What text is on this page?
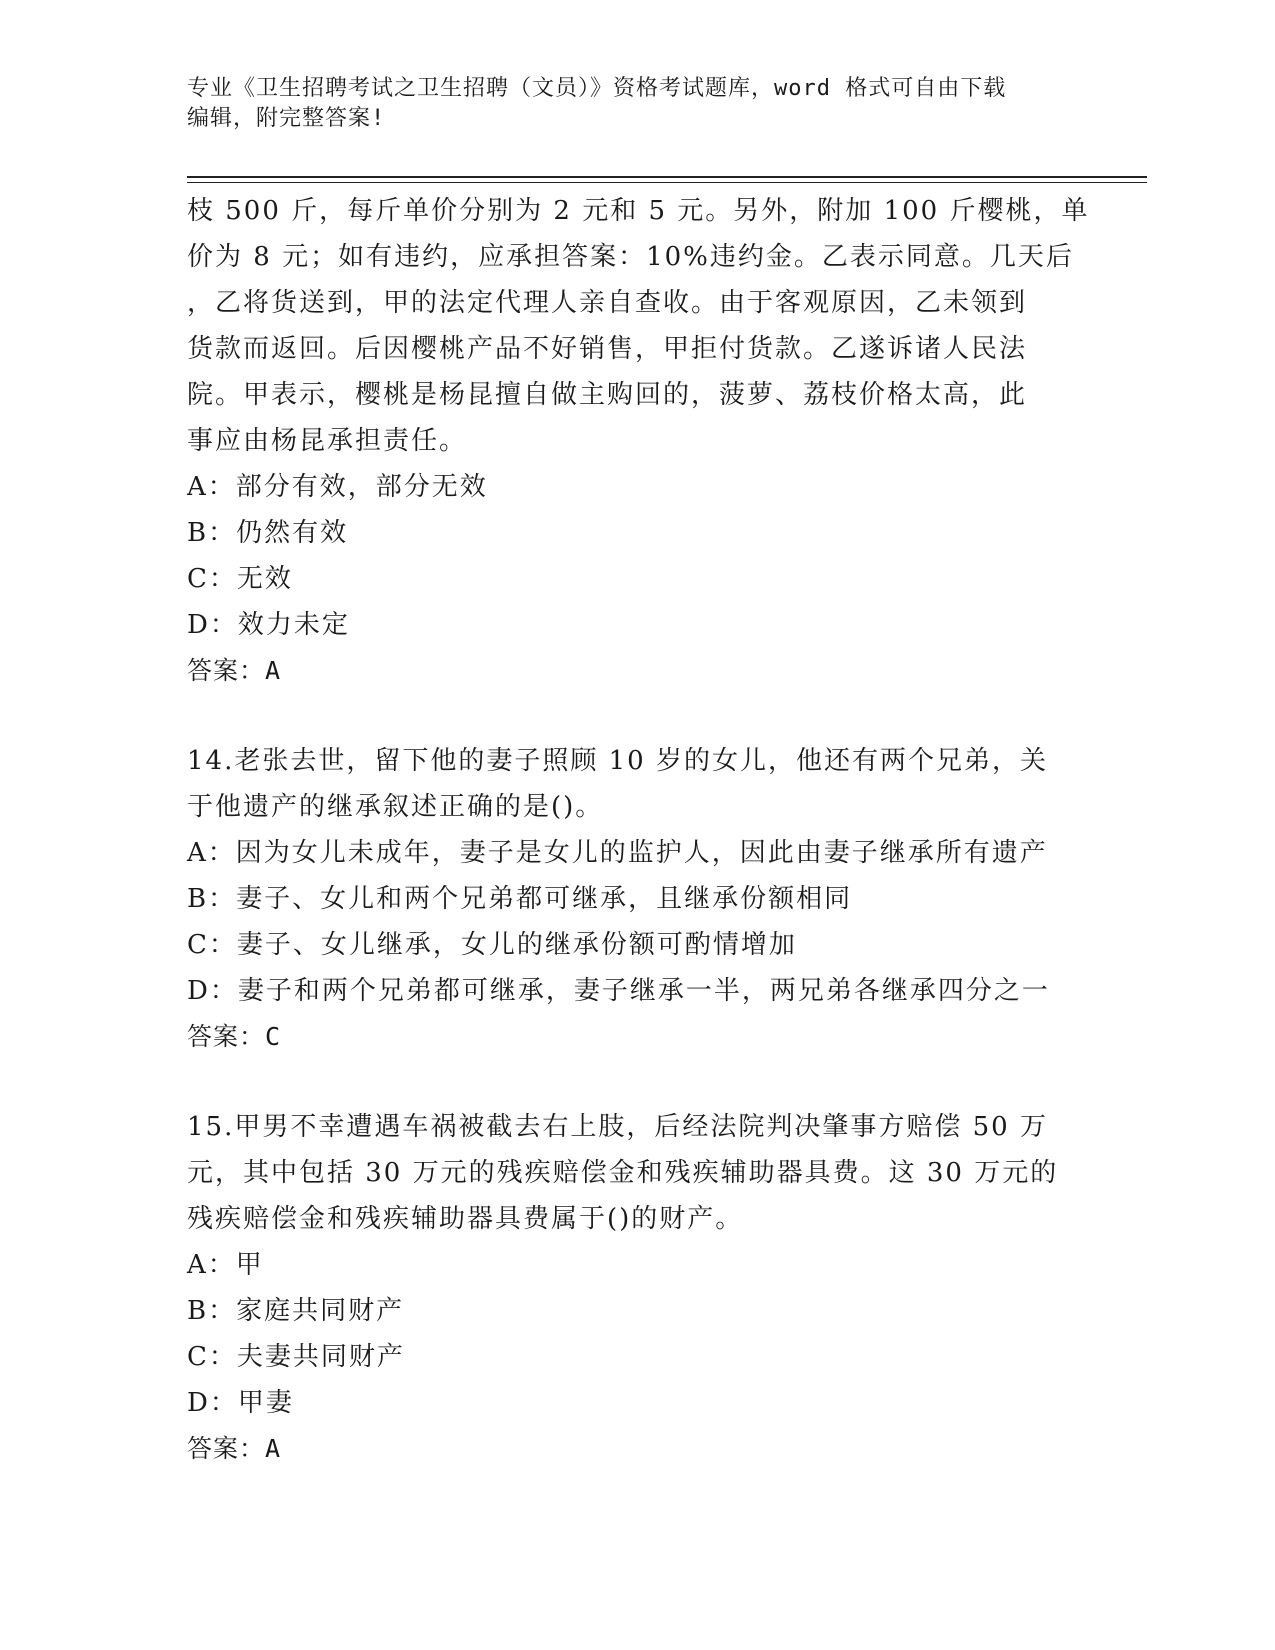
专业《卫生招聘考试之卫生招聘（文员）》资格考试题库，word 格式可自由下载
编辑，附完整答案!
枝 500 斤，每斤单价分别为 2 元和 5 元。另外，附加 100 斤樱桃，单
价为 8 元；如有违约，应承担答案：10%违约金。乙表示同意。几天后
，乙将货送到，甲的法定代理人亲自查收。由于客观原因，乙未领到
货款而返回。后因樱桃产品不好销售，甲拒付货款。乙遂诉诸人民法
院。甲表示，樱桃是杨昆擅自做主购回的，菠萝、荔枝价格太高，此
事应由杨昆承担责任。
A：部分有效，部分无效
B：仍然有效
C：无效
D：效力未定
答案：A
14.老张去世，留下他的妻子照顾 10 岁的女儿，他还有两个兄弟，关
于他遗产的继承叙述正确的是()。
A：因为女儿未成年，妻子是女儿的监护人，因此由妻子继承所有遗产
B：妻子、女儿和两个兄弟都可继承，且继承份额相同
C：妻子、女儿继承，女儿的继承份额可酌情增加
D：妻子和两个兄弟都可继承，妻子继承一半，两兄弟各继承四分之一
答案：C
15.甲男不幸遭遇车祸被截去右上肢，后经法院判决肇事方赔偿 50 万
元，其中包括 30 万元的残疾赔偿金和残疾辅助器具费。这 30 万元的
残疾赔偿金和残疾辅助器具费属于()的财产。
A：甲
B：家庭共同财产
C：夫妻共同财产
D：甲妻
答案：A
